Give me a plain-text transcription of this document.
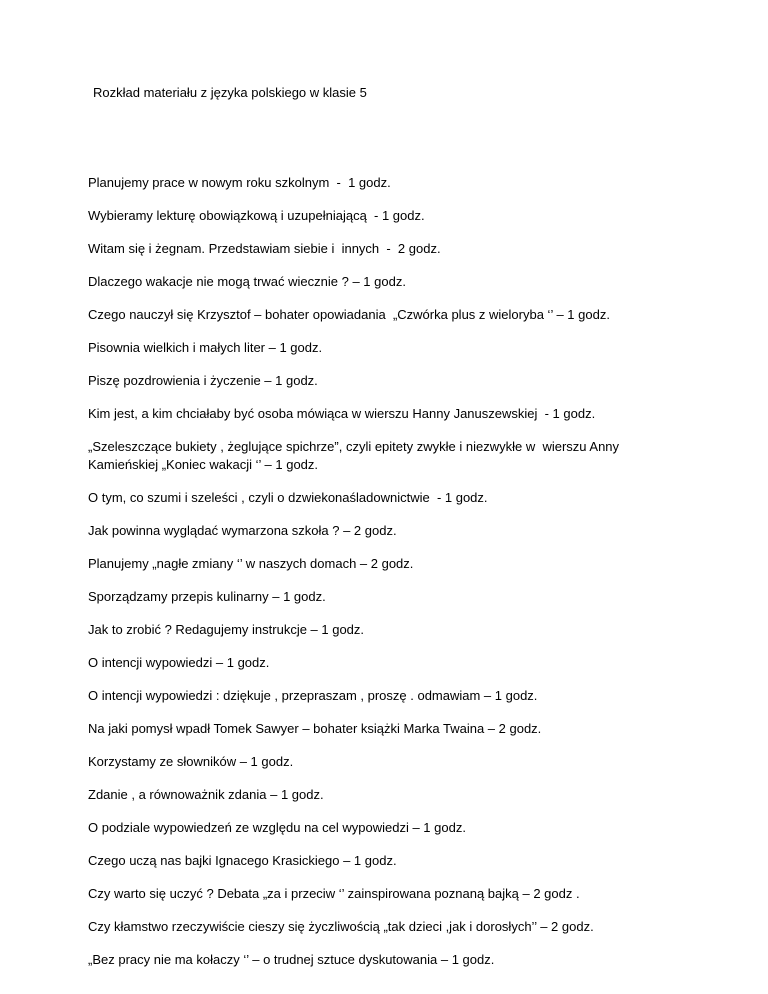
Rozkład materiału z języka polskiego w klasie 5
Planujemy prace w nowym roku szkolnym  -  1 godz.
Wybieramy lekturę obowiązkową i uzupełniającą  - 1 godz.
Witam się i żegnam. Przedstawiam siebie i  innych  -  2 godz.
Dlaczego wakacje nie mogą trwać wiecznie ? – 1 godz.
Czego nauczył się Krzysztof – bohater opowiadania  „Czwórka plus z wieloryba ‘’ – 1 godz.
Pisownia wielkich i małych liter – 1 godz.
Piszę pozdrowienia i życzenie – 1 godz.
Kim jest, a kim chciałaby być osoba mówiąca w wierszu Hanny Januszewskiej  - 1 godz.
„Szeleszczące bukiety , żeglujące spichrze”, czyli epitety zwykłe i niezwykłe w  wierszu Anny Kamieńskiej „Koniec wakacji ‘’ – 1 godz.
O tym, co szumi i szeleści , czyli o dzwiekonaśladownictwie  - 1 godz.
Jak powinna wyglądać wymarzona szkoła ? – 2 godz.
Planujemy „nagłe zmiany ‘’ w naszych domach – 2 godz.
Sporządzamy przepis kulinarny – 1 godz.
Jak to zrobić ? Redagujemy instrukcje – 1 godz.
O intencji wypowiedzi – 1 godz.
O intencji wypowiedzi : dziękuje , przepraszam , proszę . odmawiam – 1 godz.
Na jaki pomysł wpadł Tomek Sawyer – bohater książki Marka Twaina – 2 godz.
Korzystamy ze słowników – 1 godz.
Zdanie , a równoważnik zdania – 1 godz.
O podziale wypowiedzeń ze względu na cel wypowiedzi – 1 godz.
Czego uczą nas bajki Ignacego Krasickiego – 1 godz.
Czy warto się uczyć ? Debata „za i przeciw ‘’ zainspirowana poznaną bajką – 2 godz .
Czy kłamstwo rzeczywiście cieszy się życzliwością „tak dzieci ,jak i dorosłych’’ – 2 godz.
„Bez pracy nie ma kołaczy ‘’ – o trudnej sztuce dyskutowania – 1 godz.
